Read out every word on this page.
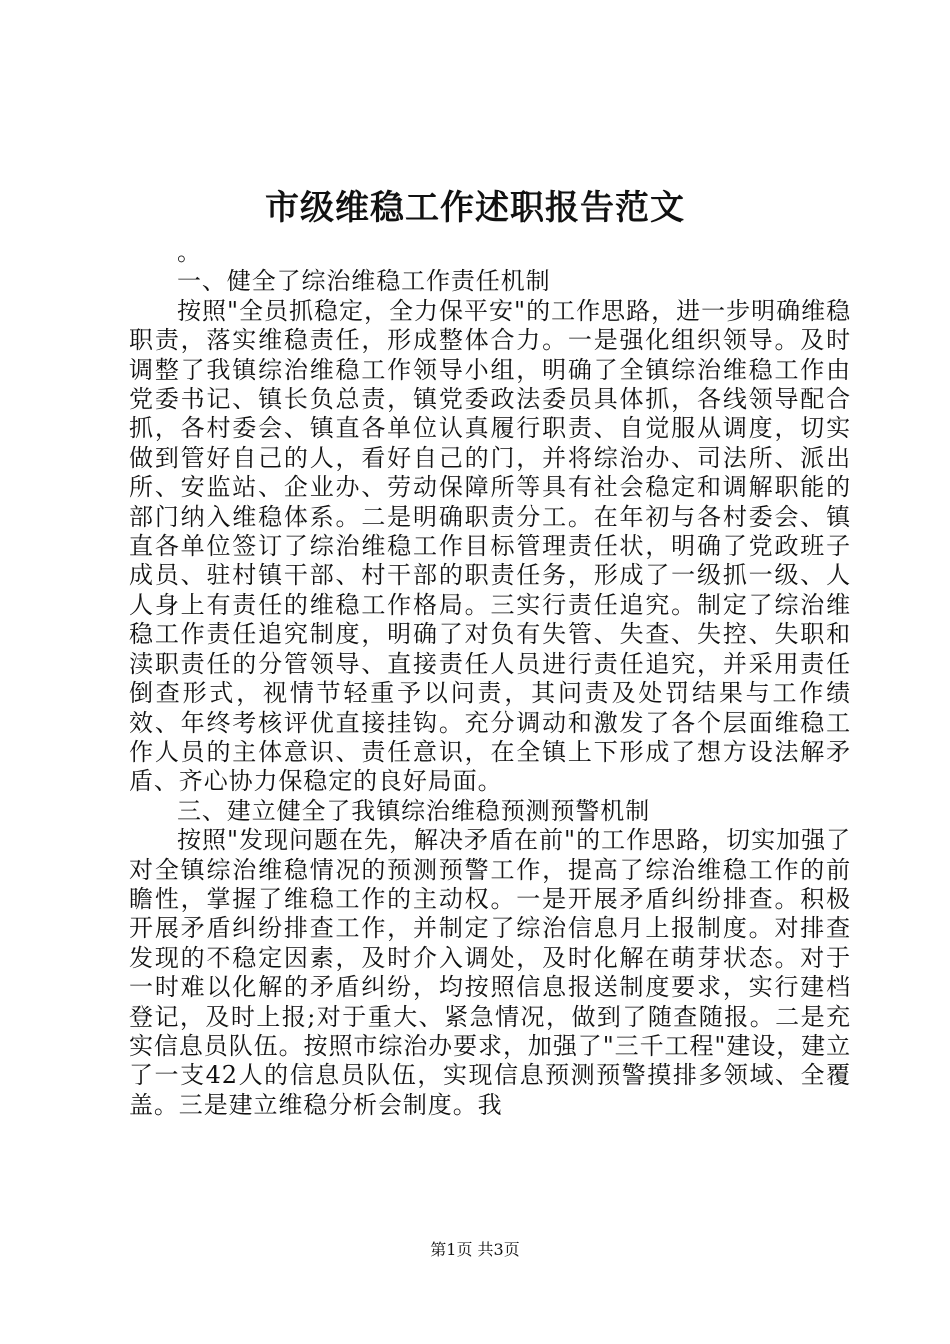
市级维稳工作述职报告范文

。

一、健全了综治维稳工作责任机制

按照"全员抓稳定，全力保平安"的工作思路，进一步明确维稳职责，落实维稳责任，形成整体合力。一是强化组织领导。及时调整了我镇综治维稳工作领导小组，明确了全镇综治维稳工作由党委书记、镇长负总责，镇党委政法委员具体抓，各线领导配合抓，各村委会、镇直各单位认真履行职责、自觉服从调度，切实做到管好自己的人，看好自己的门，并将综治办、司法所、派出所、安监站、企业办、劳动保障所等具有社会稳定和调解职能的部门纳入维稳体系。二是明确职责分工。在年初与各村委会、镇直各单位签订了综治维稳工作目标管理责任状，明确了党政班子成员、驻村镇干部、村干部的职责任务，形成了一级抓一级、人人身上有责任的维稳工作格局。三实行责任追究。制定了综治维稳工作责任追究制度，明确了对负有失管、失查、失控、失职和渎职责任的分管领导、直接责任人员进行责任追究，并采用责任倒查形式，视情节轻重予以问责，其问责及处罚结果与工作绩效、年终考核评优直接挂钩。充分调动和激发了各个层面维稳工作人员的主体意识、责任意识，在全镇上下形成了想方设法解矛盾、齐心协力保稳定的良好局面。

三、建立健全了我镇综治维稳预测预警机制

按照"发现问题在先，解决矛盾在前"的工作思路，切实加强了对全镇综治维稳情况的预测预警工作，提高了综治维稳工作的前瞻性，掌握了维稳工作的主动权。一是开展矛盾纠纷排查。积极开展矛盾纠纷排查工作，并制定了综治信息月上报制度。对排查发现的不稳定因素，及时介入调处，及时化解在萌芽状态。对于一时难以化解的矛盾纠纷，均按照信息报送制度要求，实行建档登记，及时上报;对于重大、紧急情况，做到了随查随报。二是充实信息员队伍。按照市综治办要求，加强了"三千工程"建设，建立了一支42人的信息员队伍，实现信息预测预警摸排多领域、全覆盖。三是建立维稳分析会制度。我

第1页 共3页
